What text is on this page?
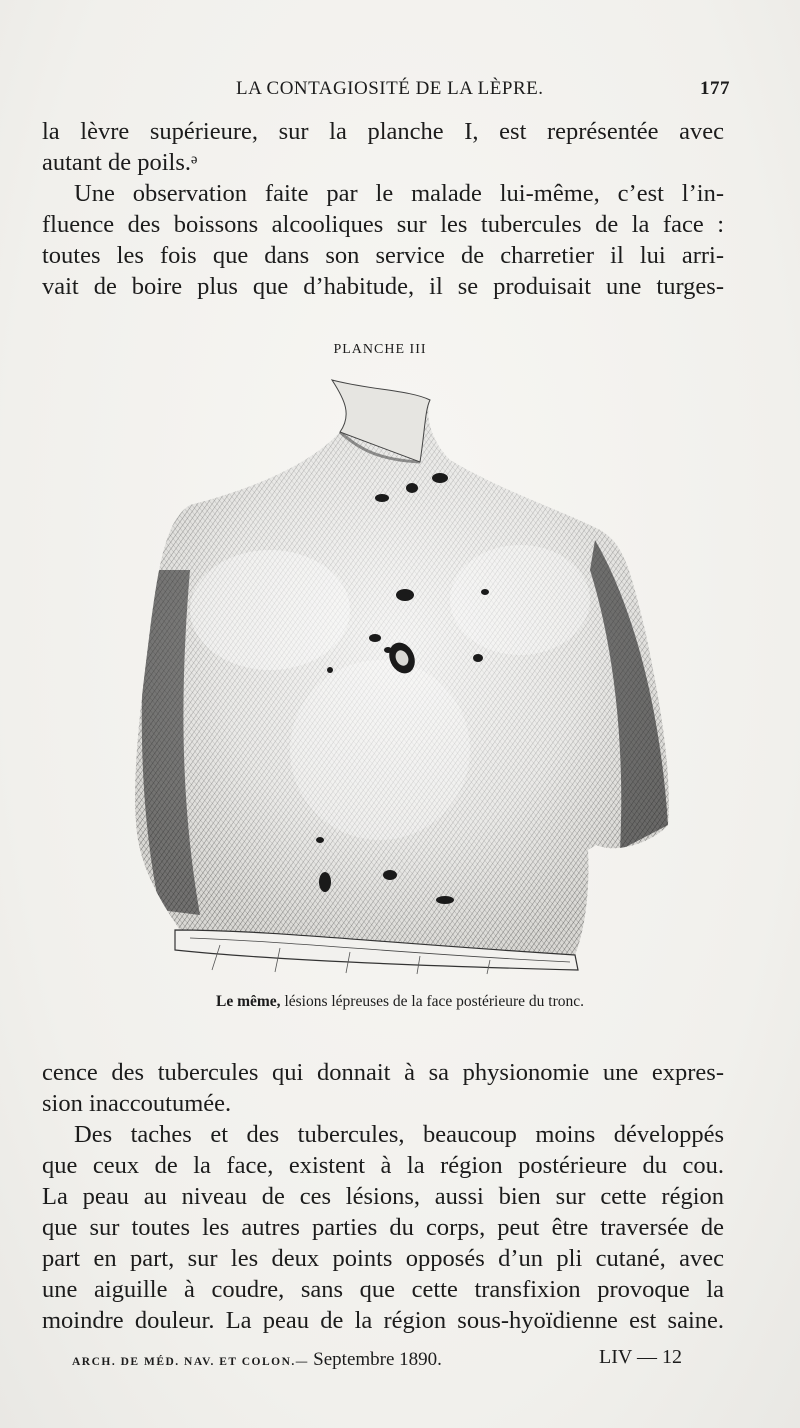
LA CONTAGIOSITÉ DE LA LÈPRE.	177
la lèvre supérieure, sur la planche I, est représentée avec
autant de poils.ᵊ
Une observation faite par le malade lui-même, c’est l’in-
fluence des boissons alcooliques sur les tubercules de la face :
toutes les fois que dans son service de charretier il lui arri-
vait de boire plus que d’habitude, il se produisait une turges-
PLANCHE III
Le même, lésions lépreuses de la face postérieure du tronc.
cence des tubercules qui donnait à sa physionomie une expres-
sion inaccoutumée.
Des taches et des tubercules, beaucoup moins développés
que ceux de la face, existent à la région postérieure du cou.
La peau au niveau de ces lésions, aussi bien sur cette région
que sur toutes les autres parties du corps, peut être traversée de
part en part, sur les deux points opposés d’un pli cutané, avec
une aiguille à coudre, sans que cette transfixion provoque la
moindre douleur. La peau de la région sous-hyoïdienne est saine.
ARCH. DE MÉD. NAV. ET COLON.— Septembre 1890.	LIV — 12
